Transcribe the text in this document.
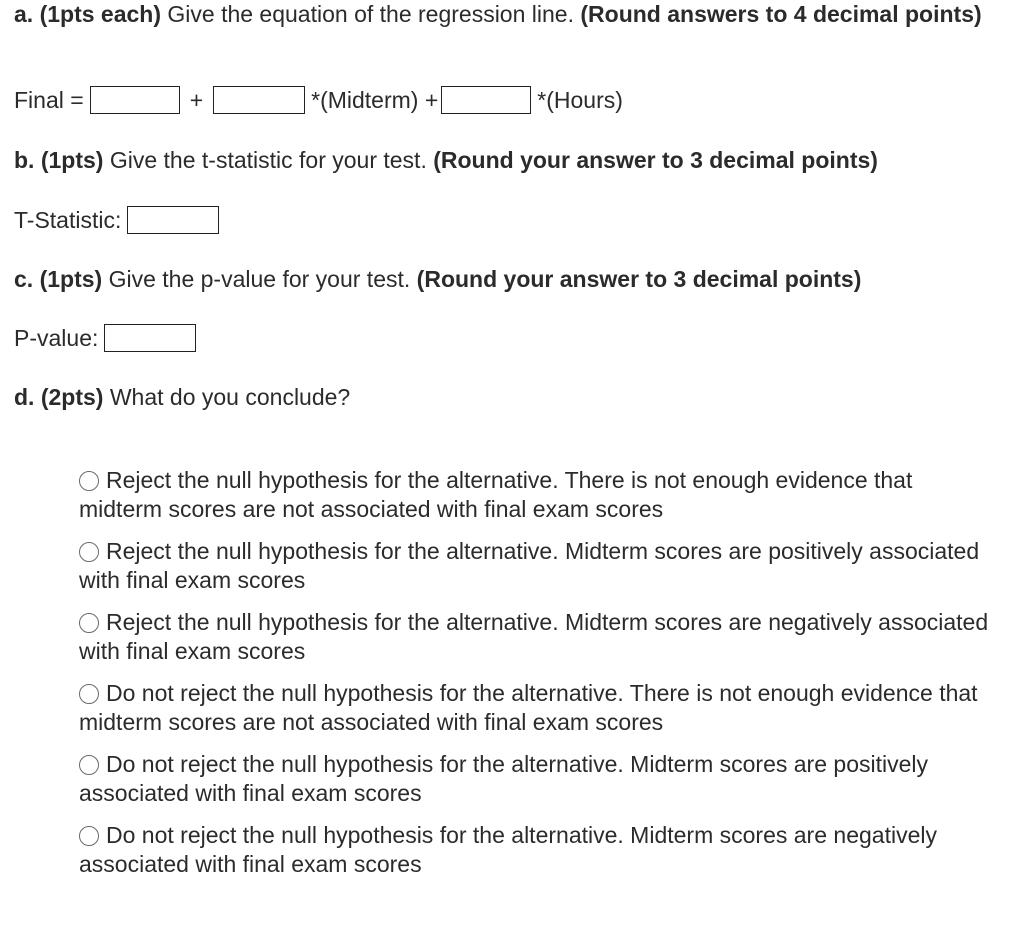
a. (1pts each) Give the equation of the regression line. (Round answers to 4 decimal points)

Final =	+	*(Midterm) +	*(Hours)

b. (1pts) Give the t-statistic for your test. (Round your answer to 3 decimal points)

T-Statistic:

c. (1pts) Give the p-value for your test. (Round your answer to 3 decimal points)

P-value:

d. (2pts) What do you conclude?

Reject the null hypothesis for the alternative. There is not enough evidence that midterm scores are not associated with final exam scores
Reject the null hypothesis for the alternative. Midterm scores are positively associated with final exam scores
Reject the null hypothesis for the alternative. Midterm scores are negatively associated with final exam scores
Do not reject the null hypothesis for the alternative. There is not enough evidence that midterm scores are not associated with final exam scores
Do not reject the null hypothesis for the alternative. Midterm scores are positively associated with final exam scores
Do not reject the null hypothesis for the alternative. Midterm scores are negatively associated with final exam scores
